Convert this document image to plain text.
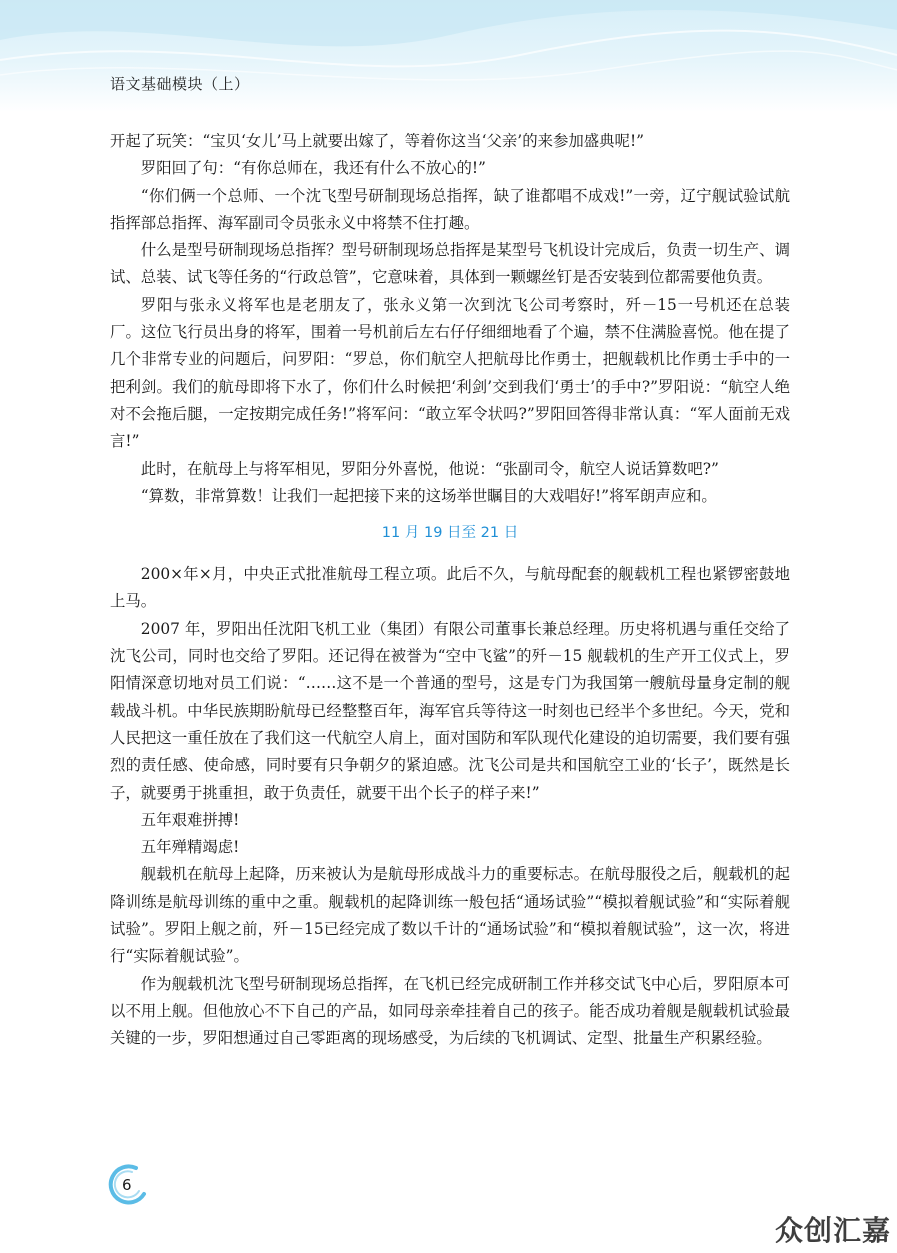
语文基础模块（上）

开起了玩笑：“宝贝‘女儿’马上就要出嫁了，等着你这当‘父亲’的来参加盛典呢!”

罗阳回了句：“有你总师在，我还有什么不放心的!”

“你们俩一个总师、一个沈飞型号研制现场总指挥，缺了谁都唱不成戏!”一旁，辽宁舰试验试航指挥部总指挥、海军副司令员张永义中将禁不住打趣。

什么是型号研制现场总指挥？型号研制现场总指挥是某型号飞机设计完成后，负责一切生产、调试、总装、试飞等任务的“行政总管”，它意味着，具体到一颗螺丝钉是否安装到位都需要他负责。

罗阳与张永义将军也是老朋友了，张永义第一次到沈飞公司考察时，歼－15一号机还在总装厂。这位飞行员出身的将军，围着一号机前后左右仔仔细细地看了个遍，禁不住满脸喜悦。他在提了几个非常专业的问题后，问罗阳：“罗总，你们航空人把航母比作勇士，把舰载机比作勇士手中的一把利剑。我们的航母即将下水了，你们什么时候把‘利剑’交到我们‘勇士’的手中?”罗阳说：“航空人绝对不会拖后腿，一定按期完成任务!”将军问：“敢立军令状吗?”罗阳回答得非常认真：“军人面前无戏言!”

此时，在航母上与将军相见，罗阳分外喜悦，他说：“张副司令，航空人说话算数吧?”

“算数，非常算数！让我们一起把接下来的这场举世瞩目的大戏唱好!”将军朗声应和。

11 月 19 日至 21 日

200×年×月，中央正式批准航母工程立项。此后不久，与航母配套的舰载机工程也紧锣密鼓地上马。

2007 年，罗阳出任沈阳飞机工业（集团）有限公司董事长兼总经理。历史将机遇与重任交给了沈飞公司，同时也交给了罗阳。还记得在被誉为“空中飞鲨”的歼－15 舰载机的生产开工仪式上，罗阳情深意切地对员工们说：“……这不是一个普通的型号，这是专门为我国第一艘航母量身定制的舰载战斗机。中华民族期盼航母已经整整百年，海军官兵等待这一时刻也已经半个多世纪。今天，党和人民把这一重任放在了我们这一代航空人肩上，面对国防和军队现代化建设的迫切需要，我们要有强烈的责任感、使命感，同时要有只争朝夕的紧迫感。沈飞公司是共和国航空工业的‘长子’，既然是长子，就要勇于挑重担，敢于负责任，就要干出个长子的样子来!”

五年艰难拼搏!

五年殚精竭虑!

舰载机在航母上起降，历来被认为是航母形成战斗力的重要标志。在航母服役之后，舰载机的起降训练是航母训练的重中之重。舰载机的起降训练一般包括“通场试验”“模拟着舰试验”和“实际着舰试验”。罗阳上舰之前，歼－15已经完成了数以千计的“通场试验”和“模拟着舰试验”，这一次，将进行“实际着舰试验”。

作为舰载机沈飞型号研制现场总指挥，在飞机已经完成研制工作并移交试飞中心后，罗阳原本可以不用上舰。但他放心不下自己的产品，如同母亲牵挂着自己的孩子。能否成功着舰是舰载机试验最关键的一步，罗阳想通过自己零距离的现场感受，为后续的飞机调试、定型、批量生产积累经验。

6
众创汇嘉
